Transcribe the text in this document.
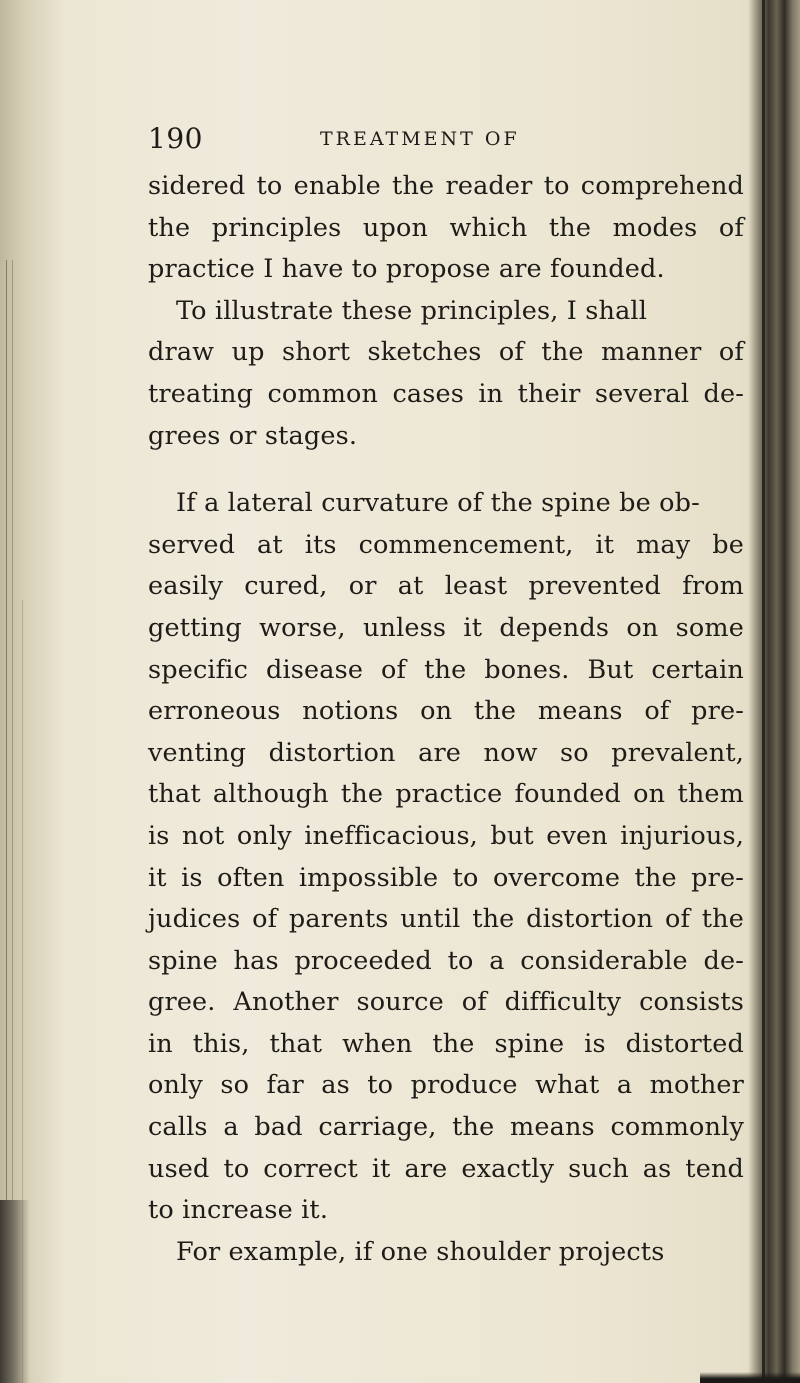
190	TREATMENT OF
sidered to enable the reader to comprehend
the principles upon which the modes of
practice I have to propose are founded.
To illustrate these principles, I shall
draw up short sketches of the manner of
treating common cases in their several de-
grees or stages.
If a lateral curvature of the spine be ob-
served at its commencement, it may be
easily cured, or at least prevented from
getting worse, unless it depends on some
specific disease of the bones. But certain
erroneous notions on the means of pre-
venting distortion are now so prevalent,
that although the practice founded on them
is not only inefficacious, but even injurious,
it is often impossible to overcome the pre-
judices of parents until the distortion of the
spine has proceeded to a considerable de-
gree. Another source of difficulty consists
in this, that when the spine is distorted
only so far as to produce what a mother
calls a bad carriage, the means commonly
used to correct it are exactly such as tend
to increase it.
For example, if one shoulder projects
